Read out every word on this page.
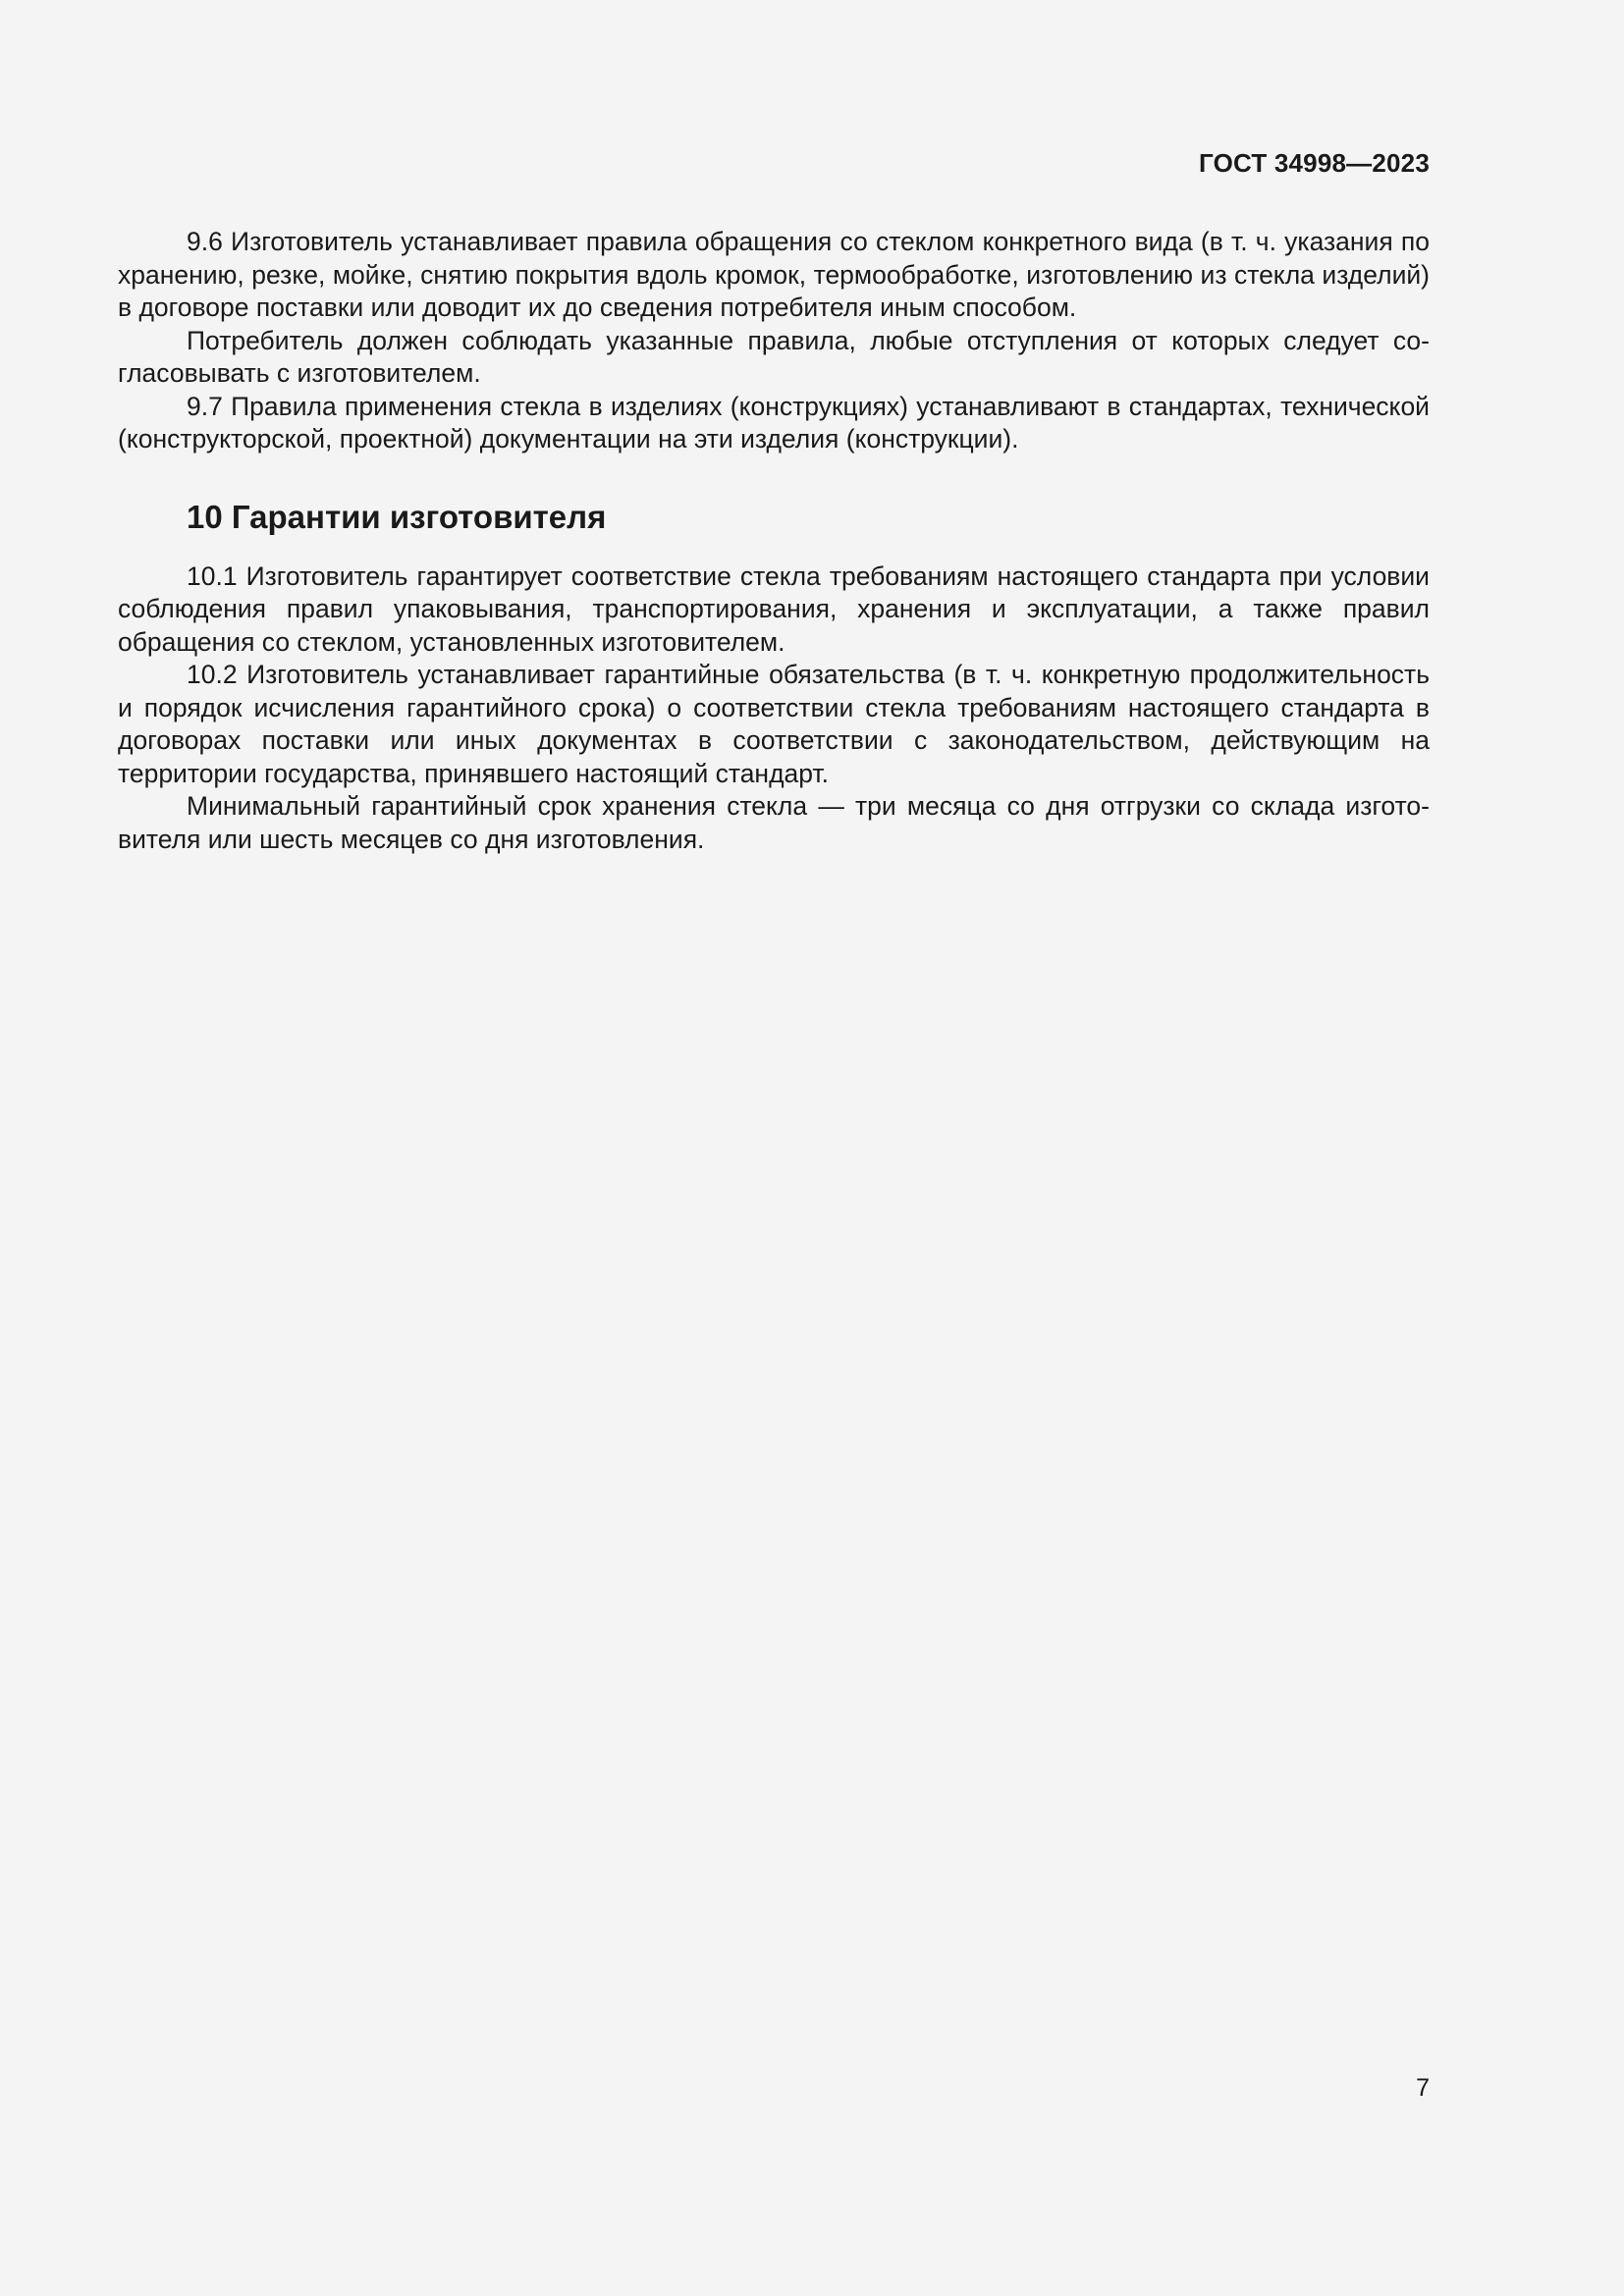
ГОСТ 34998—2023

9.6 Изготовитель устанавливает правила обращения со стеклом конкретного вида (в т. ч. указания по хранению, резке, мойке, снятию покрытия вдоль кромок, термообработке, изготовлению из стекла изделий) в договоре поставки или доводит их до сведения потребителя иным способом.

Потребитель должен соблюдать указанные правила, любые отступления от которых следует согласовывать с изготовителем.

9.7 Правила применения стекла в изделиях (конструкциях) устанавливают в стандартах, технической (конструкторской, проектной) документации на эти изделия (конструкции).

10 Гарантии изготовителя

10.1 Изготовитель гарантирует соответствие стекла требованиям настоящего стандарта при условии соблюдения правил упаковывания, транспортирования, хранения и эксплуатации, а также правил обращения со стеклом, установленных изготовителем.

10.2 Изготовитель устанавливает гарантийные обязательства (в т. ч. конкретную продолжительность и порядок исчисления гарантийного срока) о соответствии стекла требованиям настоящего стандарта в договорах поставки или иных документах в соответствии с законодательством, действующим на территории государства, принявшего настоящий стандарт.

Минимальный гарантийный срок хранения стекла — три месяца со дня отгрузки со склада изготовителя или шесть месяцев со дня изготовления.

7
